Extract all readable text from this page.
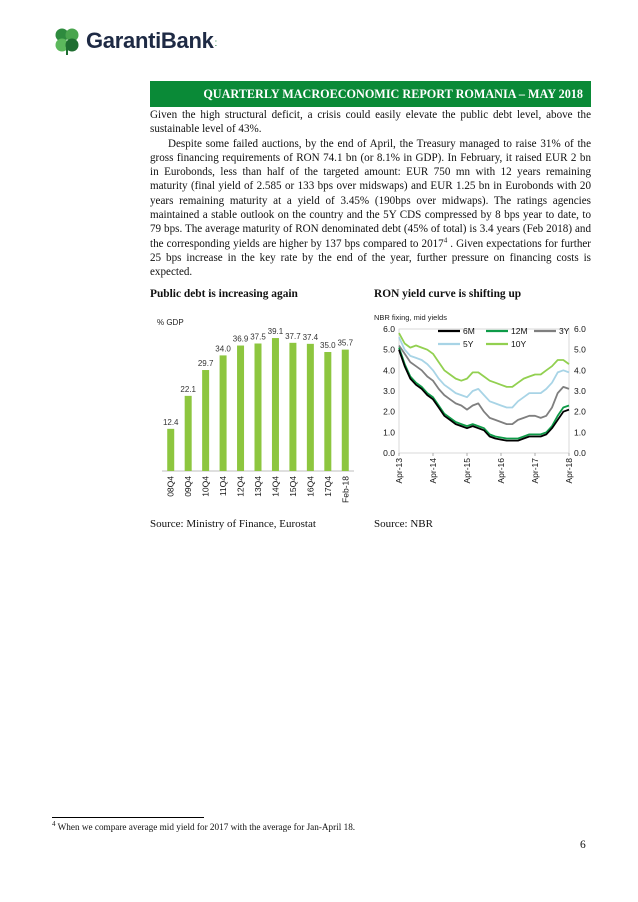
GarantiBank :
QUARTERLY MACROECONOMIC REPORT ROMANIA – MAY 2018

Given the high structural deficit, a crisis could easily elevate the public debt level, above the sustainable level of 43%.

Despite some failed auctions, by the end of April, the Treasury managed to raise 31% of the gross financing requirements of RON 74.1 bn (or 8.1% in GDP). In February, it raised EUR 2 bn in Eurobonds, less than half of the targeted amount: EUR 750 mn with 12 years remaining maturity (final yield of 2.585 or 133 bps over midswaps) and EUR 1.25 bn in Eurobonds with 20 years remaining maturity at a yield of 3.45% (190bps over midwaps). The ratings agencies maintained a stable outlook on the country and the 5Y CDS compressed by 8 bps year to date, to 79 bps. The average maturity of RON denominated debt (45% of total) is 3.4 years (Feb 2018) and the corresponding yields are higher by 137 bps compared to 2017$^4$ . Given expectations for further 25 bps increase in the key rate by the end of the year, further pressure on financing costs is expected.

Public debt is increasing again	RON yield curve is shifting up
% GDP
12.4
08Q4
22.1
09Q4
29.7
10Q4
34.0
11Q4
36.9
12Q4
37.5
13Q4
39.1
14Q4
37.7
15Q4
37.4
16Q4
35.0
17Q4
35.7
Feb-18
NBR fixing, mid yields
0.0	0.0
1.0	1.0
2.0	2.0
3.0	3.0
4.0	4.0
5.0	5.0
6.0	6.0
Apr-13	Apr-14	Apr-15	Apr-16	Apr-17	Apr-18
6M	12M	3Y
5Y	10Y
Source: Ministry of Finance, Eurostat	Source: NBR
$^4$ When we compare average mid yield for 2017 with the average for Jan-April 18.
6
